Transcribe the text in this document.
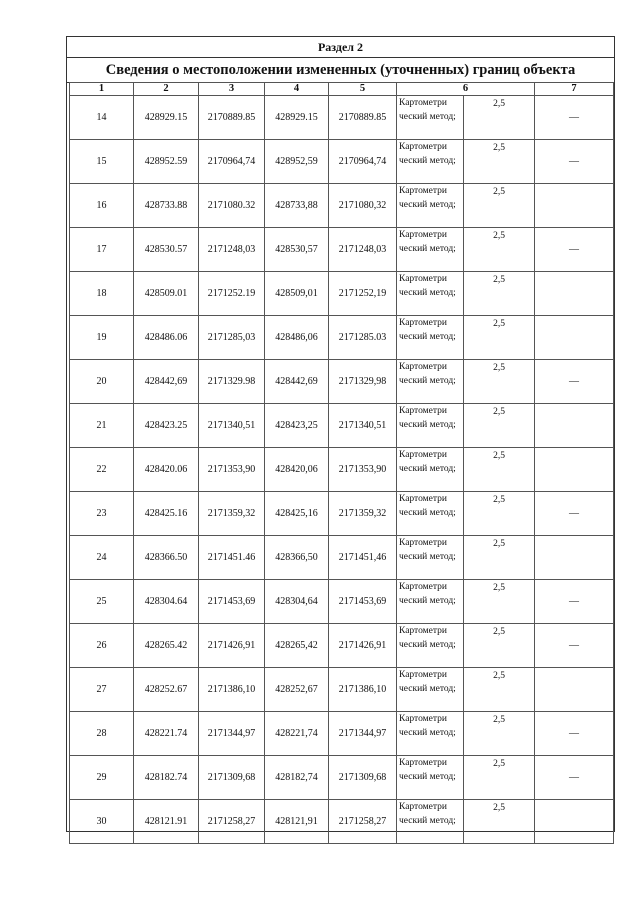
Раздел 2
Сведения о местоположении измененных (уточненных) границ объекта
1	2	3	4	5	6		7
14	428929.15	2170889.85	428929.15	2170889.85	Картометри ческий метод;	2,5	—
15	428952.59	2170964,74	428952,59	2170964,74	Картометри ческий метод;	2,5	—
16	428733.88	2171080.32	428733,88	2171080,32	Картометри ческий метод;	2,5	
17	428530.57	2171248,03	428530,57	2171248,03	Картометри ческий метод;	2,5	—
18	428509.01	2171252.19	428509,01	2171252,19	Картометри ческий метод;	2,5	
19	428486.06	2171285,03	428486,06	2171285.03	Картометри ческий метод;	2,5	
20	428442,69	2171329.98	428442,69	2171329,98	Картометри ческий метод;	2,5	—
21	428423.25	2171340,51	428423,25	2171340,51	Картометри ческий метод;	2,5	
22	428420.06	2171353,90	428420,06	2171353,90	Картометри ческий метод;	2,5	
23	428425.16	2171359,32	428425,16	2171359,32	Картометри ческий метод;	2,5	—
24	428366.50	2171451.46	428366,50	2171451,46	Картометри ческий метод;	2,5	
25	428304.64	2171453,69	428304,64	2171453,69	Картометри ческий метод;	2,5	—
26	428265.42	2171426,91	428265,42	2171426,91	Картометри ческий метод;	2,5	—
27	428252.67	2171386,10	428252,67	2171386,10	Картометри ческий метод;	2,5	
28	428221.74	2171344,97	428221,74	2171344,97	Картометри ческий метод;	2,5	—
29	428182.74	2171309,68	428182,74	2171309,68	Картометри ческий метод;	2,5	—
30	428121.91	2171258,27	428121,91	2171258,27	Картометри ческий метод;	2,5	
